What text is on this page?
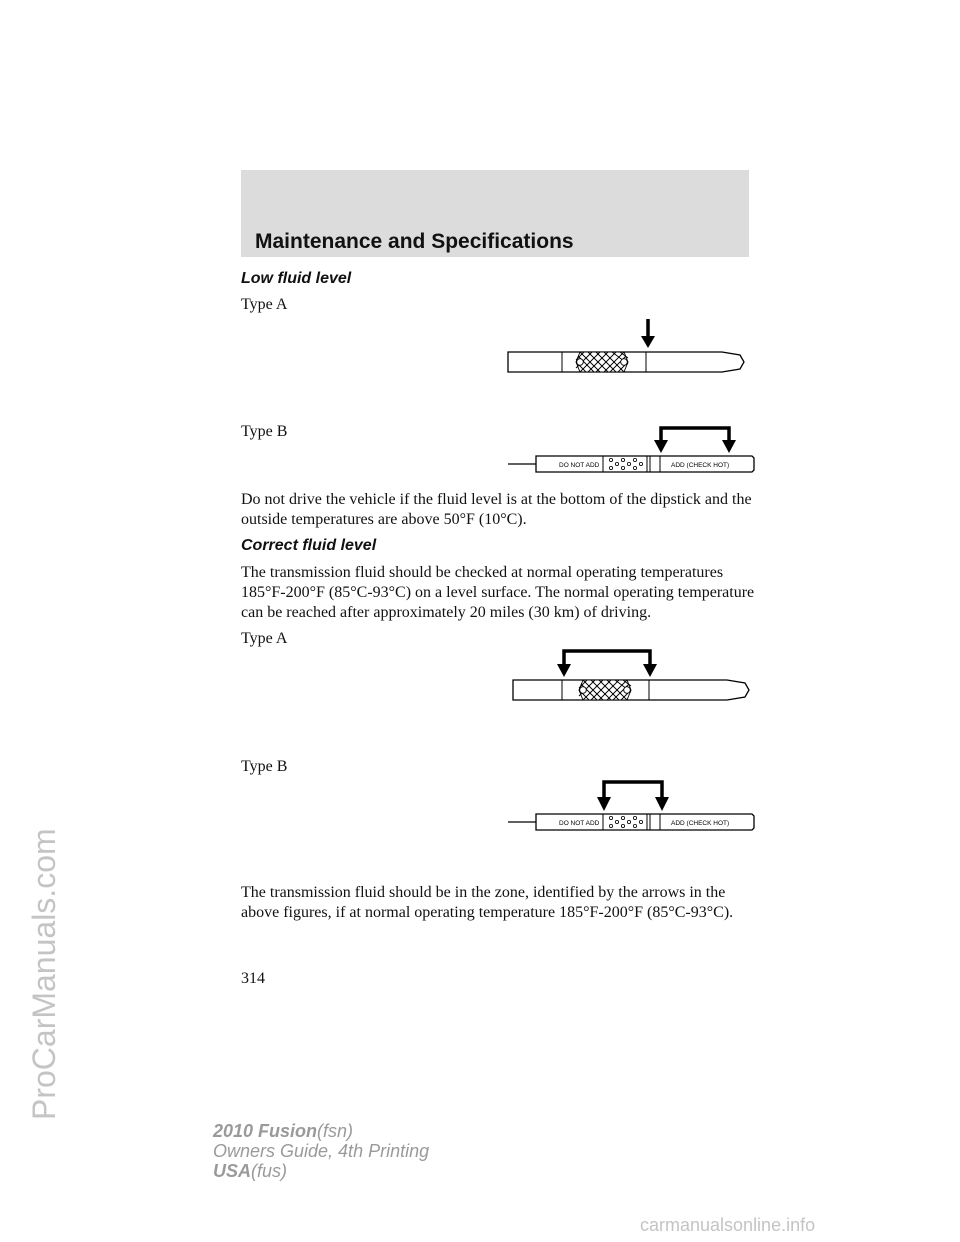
Maintenance and Specifications
Low fluid level
Type A
Type B
DO NOT ADD	ADD (CHECK HOT)

Do not drive the vehicle if the fluid level is at the bottom of the dipstick and the outside temperatures are above 50°F (10°C).

Correct fluid level

The transmission fluid should be checked at normal operating temperatures 185°F-200°F (85°C-93°C) on a level surface. The normal operating temperature can be reached after approximately 20 miles (30 km) of driving.

Type A
Type B
DO NOT ADD	ADD (CHECK HOT)

The transmission fluid should be in the zone, identified by the arrows in the above figures, if at normal operating temperature 185°F-200°F (85°C-93°C).

314
2010 Fusion(fsn)
Owners Guide, 4th Printing
USA(fus)
ProCarManuals.com
carmanualsonline.info
